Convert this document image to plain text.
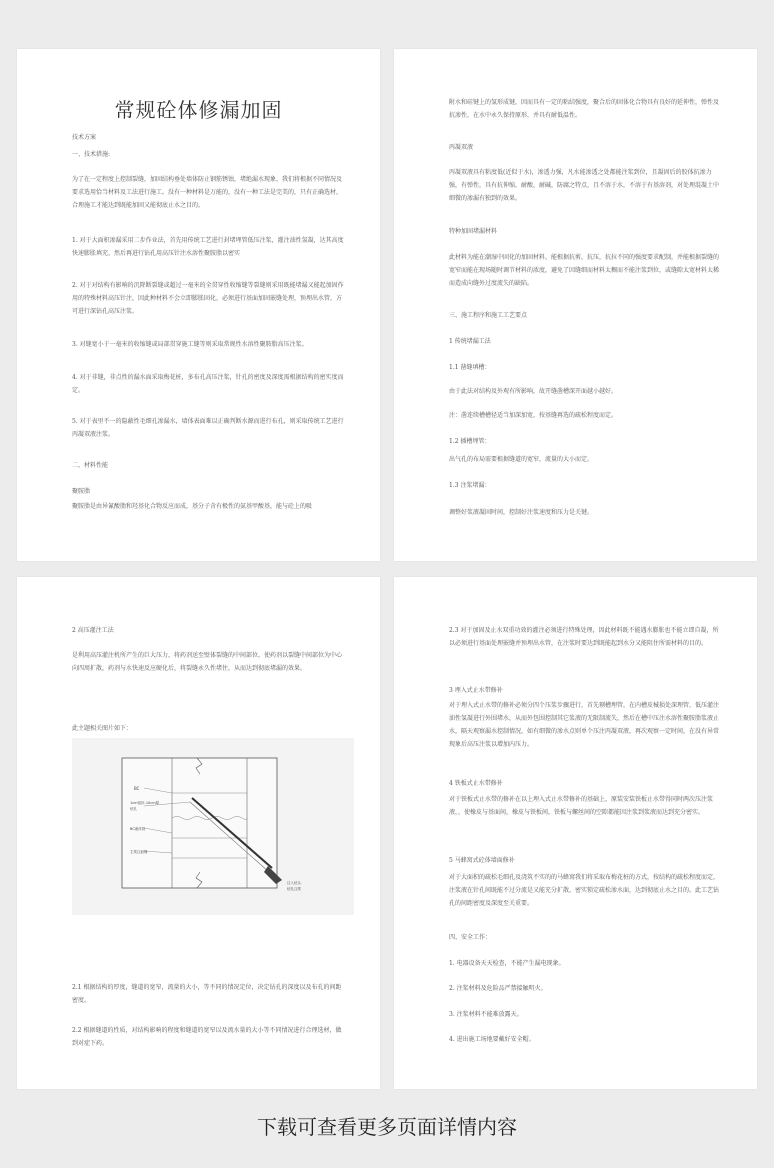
常规砼体修漏加固
技术方案
一、技术措施:
为了在一定程度上控制裂缝，加固结构垂处墙体防止钢筋锈蚀，堵绝漏水现象，我们将根据不同情况及要求选用恰当材料及工法进行施工。没有一种材料是万能的，没有一种工法是完美的，只有正确选材，合理施工才能达到既能加固又能彻底止水之目的。
1. 对于大面积渗漏采用二步作业法，首先用传统工艺进行封堵埋管低压注浆，灌注油性氢凝，达其高度快速膨胀填充，然后再进行钻孔用高压针注水溶性聚胺脂以密实
2. 对于对结构有影响的沉降断裂缝或超过一毫米的全贯穿性收缩缝等裂缝则采用既能堵漏又能起加固作用的特殊材料高压针注，因此种材料不会立即膨胀固化，必须进行基面加固嵌缝处理，预埋出水管，方可进行深钻孔高压注浆。
3. 对缝宽小于一毫米的收缩缝或局部贯穿施工缝等则采取常规性水溶性聚胺脂高压注浆。
4. 对于非缝，非点性的漏水面采取梅花桩，多布孔高压注浆，针孔的密度及深度需根据结构的密实度而定。
5. 对于表里不一的隐蔽性毛细孔渗漏水，墙体表面难以正确判断水源而进行布孔，则采取传统工艺进行丙凝双液注浆。
二、材料性能
聚胺脂
聚胺脂是由异氰酸脂和羟基化合物反应而成，基分子含有极性的氨基甲酸基，能与砼上的吸
附水和硅键上的氢形成键，因而具有一定的粘结强度，聚合后的固体化合物具有良好的延伸性，弹性及抗渗性，在水中永久保持原形，并具有耐低温性。
丙凝双液
丙凝双液具有粘度低(近似于水)，渗透力强，凡水能渗透之处都能注浆到位，且凝固后的胶体抗渗力强，有弹性，具有抗伸缩，耐酸，耐碱，防腐之特点，且不溶于水，不溶于有基溶剂，对处理混凝土中细微的渗漏有独到的效果。
特种加固堵漏材料
此材料为能在潮湿中固化的加固材料，能根据抗剪，抗压，抗拉不同的强度要求配制，并能根据裂缝的宽窄而能在现场随时调节材料的浓度，避免了因缝细而材料太稠而不能注浆到位，或缝隙太宽材料太稀而造成向缝外过度流失的缺陷。
三、施工程序和施工工艺要点
1 传统堵漏工法
1.1 凿缝填槽：
由于此法对结构及外观有所影响，故开缝凿槽深开面越小越好。
注：凿连续槽槽径适当加深加宽，按基缝再选的疏松程度而定。
1.2 插槽埋管：
出气孔的布局需要根据缝道的宽窄，流量的大小而定。
1.3 注浆堵漏：
调整好浆液凝固时间，控制好注浆速度和压力是关键。
2 高压灌注工法
是利用高压灌注机所产生的巨大压力，将药剂送至壁体裂缝的中间部位，使药剂以裂缝中间部位为中心向四周扩散，药剂与水快速反应硬化后，将裂缝永久性堵住，从而达到彻底堵漏的效果。
此主题相关图片如下：
2.1 根据结构的厚度，缝道的宽窄，流量的大小，等不同的情况定位，决定钻孔的深度以及布孔的间距密度。
2.2 根据缝道的性质，对结构影响的程度和缝道的宽窄以及流水量的大小等不同情况进行合理选材，做到对症下药。
BC
1cm宽折-10cm厚
钻孔
BC液体管
主浆注射筒
注入钻头
钻孔注浆
2.3 对于加固及止水双重功效的灌注必须进行特殊处理，因此材料既不能遇水膨胀也不能立即自凝，所以必须进行基面处理嵌缝并预埋出水管，在注浆时要达到既能起到水分又能阻住所需材料的目的。
3 埋入式止水带修补
对于埋入式止水带的修补必须分四个压浆步骤进行，首先剔槽埋管，在内槽皮械损处深理管，低压灌注油性氢凝进行外围堵水，从而外包围控制其它浆液的无限制流失，然后在槽中压注水溶性聚胺脂浆液止水，隔天观察漏水控制情况，如有细微的渗水点则单个压注丙凝双液，再次观察一定时间，在没有异常现象后高压注浆以增加内压力。
4 铁板式止水带修补
对于铁板式止水带的修补在以上埋入式止水带修补的基础上，原装安装铁板止水带得同时两次压注浆液，，使橡皮与基面间，橡皮与铁板间，铁板与螺丝间的空隙都能因注浆到浆液而达到充分密实。
5 马蜂窝式砼体墙面修补
对于大面积的疏松毛细孔及浇筑不实的的马蜂窝我们将采取布梅花桩的方式，按结构的疏松程度而定，注浆液在针孔间既能不过分流是又能充分扩散，密实锁定疏松渗水面，达到彻底止水之目的。此工艺钻孔的间距密度及深度至关重要。
四、安全工作：
1. 电器设备天天检查，不能产生漏电现象。
2. 注浆材料及危险品严禁接触明火。
3. 注浆材料不能难放露天。
4. 进出施工场地要戴好安全帽。
下载可查看更多页面详情内容
